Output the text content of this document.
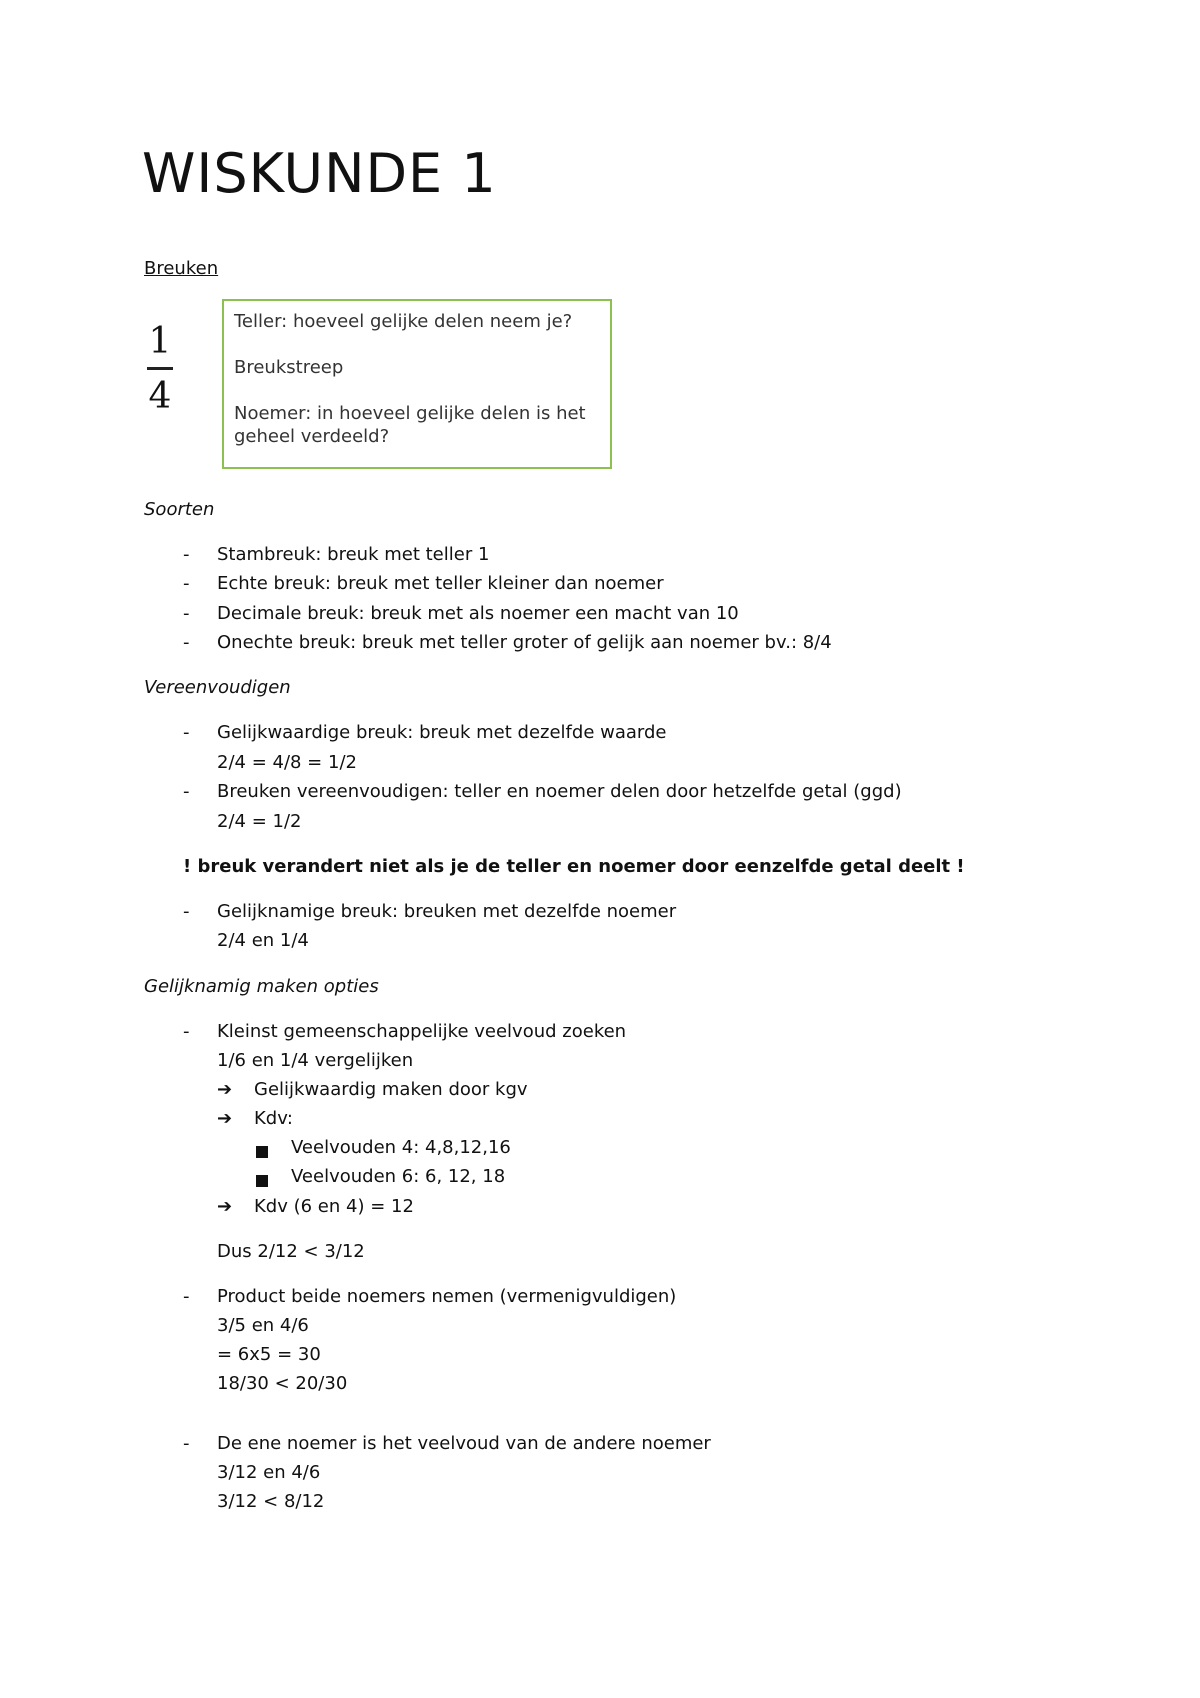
WISKUNDE 1
Breuken
1
4

Teller: hoeveel gelijke delen neem je?

Breukstreep

Noemer: in hoeveel gelijke delen is het geheel verdeeld?

Soorten
- Stambreuk: breuk met teller 1
- Echte breuk: breuk met teller kleiner dan noemer
- Decimale breuk: breuk met als noemer een macht van 10
- Onechte breuk: breuk met teller groter of gelijk aan noemer bv.: 8/4
Vereenvoudigen
- Gelijkwaardige breuk: breuk met dezelfde waarde
2/4 = 4/8 = 1/2
- Breuken vereenvoudigen: teller en noemer delen door hetzelfde getal (ggd)
2/4 = 1/2
! breuk verandert niet als je de teller en noemer door eenzelfde getal deelt !
- Gelijknamige breuk: breuken met dezelfde noemer
2/4 en 1/4
Gelijknamig maken opties
- Kleinst gemeenschappelijke veelvoud zoeken
1/6 en 1/4 vergelijken
➔ Gelijkwaardig maken door kgv
➔ Kdv:
Veelvouden 4: 4,8,12,16
Veelvouden 6: 6, 12, 18
➔ Kdv (6 en 4) = 12
Dus 2/12 < 3/12
- Product beide noemers nemen (vermenigvuldigen)
3/5 en 4/6
= 6x5 = 30
18/30 < 20/30
- De ene noemer is het veelvoud van de andere noemer
3/12 en 4/6
3/12 < 8/12
